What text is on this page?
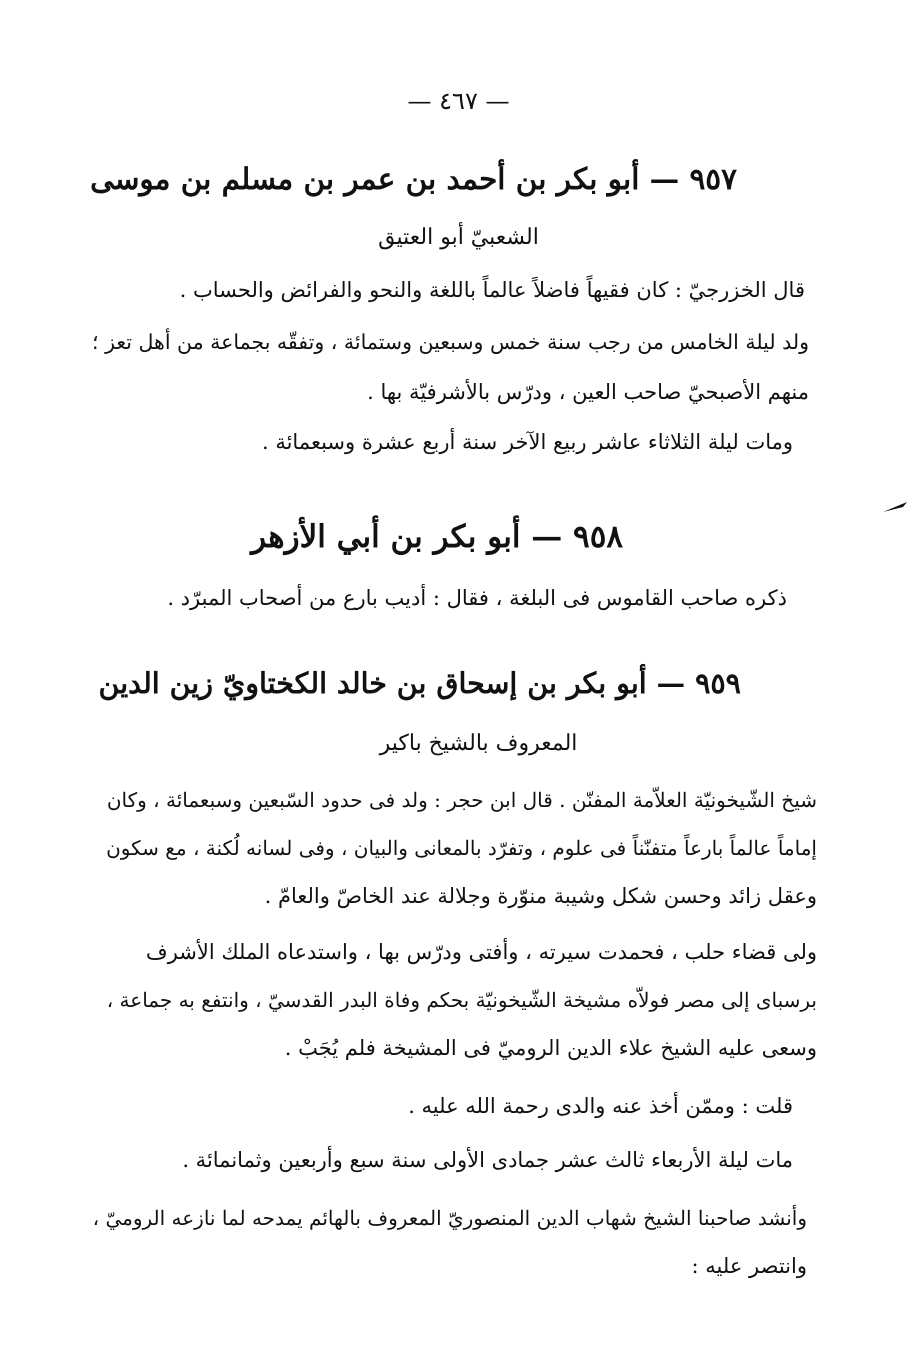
— ٤٦٧ —
٩٥٧ — أبو بكر بن أحمد بن عمر بن مسلم بن موسى
الشعبيّ أبو العتيق
قال الخزرجيّ : كان فقيهاً فاضلاً عالماً باللغة والنحو والفرائض والحساب .
ولد ليلة الخامس من رجب سنة خمس وسبعين وستمائة ، وتفقّه بجماعة من أهل تعز ؛
منهم الأصبحيّ صاحب العين ، ودرّس بالأشرفيّة بها .
ومات ليلة الثلاثاء عاشر ربيع الآخر سنة أربع عشرة وسبعمائة .
٩٥٨ — أبو بكر بن أبي الأزهر
ذكره صاحب القاموس فى البلغة ، فقال : أديب بارع من أصحاب المبرّد .
٩٥٩ — أبو بكر بن إسحاق بن خالد الكختاويّ زين الدين
المعروف بالشيخ باكير
شيخ الشّيخونيّة العلاّمة المفنّن . قال ابن حجر : ولد فى حدود السّبعين وسبعمائة ، وكان
إماماً عالماً بارعاً متفنّناً فى علوم ، وتفرّد بالمعانى والبيان ، وفى لسانه لُكنة ، مع سكون
وعقل زائد وحسن شكل وشيبة منوّرة وجلالة عند الخاصّ والعامّ .
ولى قضاء حلب ، فحمدت سيرته ، وأفتى ودرّس بها ، واستدعاه الملك الأشرف
برسباى إلى مصر فولاّه مشيخة الشّيخونيّة بحكم وفاة البدر القدسيّ ، وانتفع به جماعة ،
وسعى عليه الشيخ علاء الدين الروميّ فى المشيخة فلم يُجَبْ .
قلت : وممّن أخذ عنه والدى رحمة الله عليه .
مات ليلة الأربعاء ثالث عشر جمادى الأولى سنة سبع وأربعين وثمانمائة .
وأنشد صاحبنا الشيخ شهاب الدين المنصوريّ المعروف بالهائم يمدحه لما نازعه الروميّ ،
وانتصر عليه :
